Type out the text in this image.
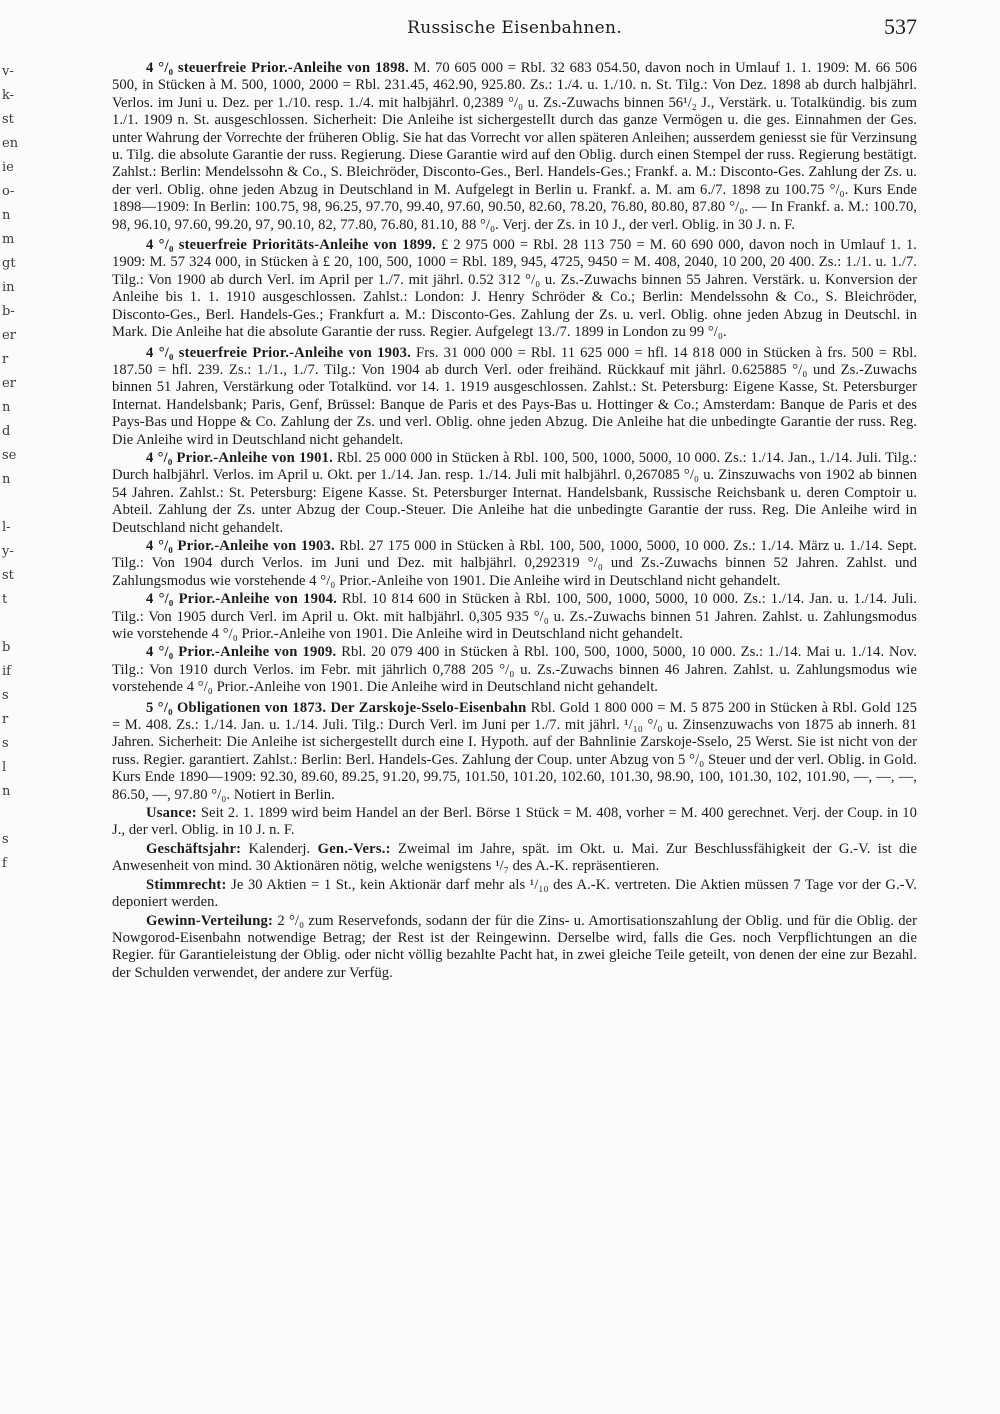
v-
k-
st
en
ie
o-
n
m
gt
in
b-
er
r
er
n
d
se
n
l-
y-
st
t
b
if
s
r
s
l
n
s
f
Russische Eisenbahnen.	537

4 °/₀ steuerfreie Prior.-Anleihe von 1898. M. 70 605 000 = Rbl. 32 683 054.50, davon noch in Umlauf 1. 1. 1909: M. 66 506 500, in Stücken à M. 500, 1000, 2000 = Rbl. 231.45, 462.90, 925.80. Zs.: 1./4. u. 1./10. n. St. Tilg.: Von Dez. 1898 ab durch halbjährl. Verlos. im Juni u. Dez. per 1./10. resp. 1./4. mit halbjährl. 0,2389 °/₀ u. Zs.-Zuwachs binnen 56¹/₂ J., Verstärk. u. Totalkündig. bis zum 1./1. 1909 n. St. ausgeschlossen. Sicherheit: Die Anleihe ist sichergestellt durch das ganze Vermögen u. die ges. Einnahmen der Ges. unter Wahrung der Vorrechte der früheren Oblig. Sie hat das Vorrecht vor allen späteren Anleihen; ausserdem geniesst sie für Verzinsung u. Tilg. die absolute Garantie der russ. Regierung. Diese Garantie wird auf den Oblig. durch einen Stempel der russ. Regierung bestätigt. Zahlst.: Berlin: Mendelssohn & Co., S. Bleichröder, Disconto-Ges., Berl. Handels-Ges.; Frankf. a. M.: Disconto-Ges. Zahlung der Zs. u. der verl. Oblig. ohne jeden Abzug in Deutschland in M. Aufgelegt in Berlin u. Frankf. a. M. am 6./7. 1898 zu 100.75 °/₀. Kurs Ende 1898—1909: In Berlin: 100.75, 98, 96.25, 97.70, 99.40, 97.60, 90.50, 82.60, 78.20, 76.80, 80.80, 87.80 °/₀. — In Frankf. a. M.: 100.70, 98, 96.10, 97.60, 99.20, 97, 90.10, 82, 77.80, 76.80, 81.10, 88 °/₀. Verj. der Zs. in 10 J., der verl. Oblig. in 30 J. n. F.

4 °/₀ steuerfreie Prioritäts-Anleihe von 1899. £ 2 975 000 = Rbl. 28 113 750 = M. 60 690 000, davon noch in Umlauf 1. 1. 1909: M. 57 324 000, in Stücken à £ 20, 100, 500, 1000 = Rbl. 189, 945, 4725, 9450 = M. 408, 2040, 10 200, 20 400. Zs.: 1./1. u. 1./7. Tilg.: Von 1900 ab durch Verl. im April per 1./7. mit jährl. 0.52 312 °/₀ u. Zs.-Zuwachs binnen 55 Jahren. Verstärk. u. Konversion der Anleihe bis 1. 1. 1910 ausgeschlossen. Zahlst.: London: J. Henry Schröder & Co.; Berlin: Mendelssohn & Co., S. Bleichröder, Disconto-Ges., Berl. Handels-Ges.; Frankfurt a. M.: Disconto-Ges. Zahlung der Zs. u. verl. Oblig. ohne jeden Abzug in Deutschl. in Mark. Die Anleihe hat die absolute Garantie der russ. Regier. Aufgelegt 13./7. 1899 in London zu 99 °/₀.

4 °/₀ steuerfreie Prior.-Anleihe von 1903. Frs. 31 000 000 = Rbl. 11 625 000 = hfl. 14 818 000 in Stücken à frs. 500 = Rbl. 187.50 = hfl. 239. Zs.: 1./1., 1./7. Tilg.: Von 1904 ab durch Verl. oder freihänd. Rückkauf mit jährl. 0.625885 °/₀ und Zs.-Zuwachs binnen 51 Jahren, Verstärkung oder Totalkünd. vor 14. 1. 1919 ausgeschlossen. Zahlst.: St. Petersburg: Eigene Kasse, St. Petersburger Internat. Handelsbank; Paris, Genf, Brüssel: Banque de Paris et des Pays-Bas u. Hottinger & Co.; Amsterdam: Banque de Paris et des Pays-Bas und Hoppe & Co. Zahlung der Zs. und verl. Oblig. ohne jeden Abzug. Die Anleihe hat die unbedingte Garantie der russ. Reg. Die Anleihe wird in Deutschland nicht gehandelt.

4 °/₀ Prior.-Anleihe von 1901. Rbl. 25 000 000 in Stücken à Rbl. 100, 500, 1000, 5000, 10 000. Zs.: 1./14. Jan., 1./14. Juli. Tilg.: Durch halbjährl. Verlos. im April u. Okt. per 1./14. Jan. resp. 1./14. Juli mit halbjährl. 0,267085 °/₀ u. Zinszuwachs von 1902 ab binnen 54 Jahren. Zahlst.: St. Petersburg: Eigene Kasse. St. Petersburger Internat. Handelsbank, Russische Reichsbank u. deren Comptoir u. Abteil. Zahlung der Zs. unter Abzug der Coup.-Steuer. Die Anleihe hat die unbedingte Garantie der russ. Reg. Die Anleihe wird in Deutschland nicht gehandelt.

4 °/₀ Prior.-Anleihe von 1903. Rbl. 27 175 000 in Stücken à Rbl. 100, 500, 1000, 5000, 10 000. Zs.: 1./14. März u. 1./14. Sept. Tilg.: Von 1904 durch Verlos. im Juni und Dez. mit halbjährl. 0,292319 °/₀ und Zs.-Zuwachs binnen 52 Jahren. Zahlst. und Zahlungsmodus wie vorstehende 4 °/₀ Prior.-Anleihe von 1901. Die Anleihe wird in Deutschland nicht gehandelt.

4 °/₀ Prior.-Anleihe von 1904. Rbl. 10 814 600 in Stücken à Rbl. 100, 500, 1000, 5000, 10 000. Zs.: 1./14. Jan. u. 1./14. Juli. Tilg.: Von 1905 durch Verl. im April u. Okt. mit halbjährl. 0,305 935 °/₀ u. Zs.-Zuwachs binnen 51 Jahren. Zahlst. u. Zahlungsmodus wie vorstehende 4 °/₀ Prior.-Anleihe von 1901. Die Anleihe wird in Deutschland nicht gehandelt.

4 °/₀ Prior.-Anleihe von 1909. Rbl. 20 079 400 in Stücken à Rbl. 100, 500, 1000, 5000, 10 000. Zs.: 1./14. Mai u. 1./14. Nov. Tilg.: Von 1910 durch Verlos. im Febr. mit jährlich 0,788 205 °/₀ u. Zs.-Zuwachs binnen 46 Jahren. Zahlst. u. Zahlungsmodus wie vorstehende 4 °/₀ Prior.-Anleihe von 1901. Die Anleihe wird in Deutschland nicht gehandelt.

5 °/₀ Obligationen von 1873. Der Zarskoje-Sselo-Eisenbahn Rbl. Gold 1 800 000 = M. 5 875 200 in Stücken à Rbl. Gold 125 = M. 408. Zs.: 1./14. Jan. u. 1./14. Juli. Tilg.: Durch Verl. im Juni per 1./7. mit jährl. ¹/₁₀ °/₀ u. Zinsenzuwachs von 1875 ab innerh. 81 Jahren. Sicherheit: Die Anleihe ist sichergestellt durch eine I. Hypoth. auf der Bahnlinie Zarskoje-Sselo, 25 Werst. Sie ist nicht von der russ. Regier. garantiert. Zahlst.: Berlin: Berl. Handels-Ges. Zahlung der Coup. unter Abzug von 5 °/₀ Steuer und der verl. Oblig. in Gold. Kurs Ende 1890—1909: 92.30, 89.60, 89.25, 91.20, 99.75, 101.50, 101.20, 102.60, 101.30, 98.90, 100, 101.30, 102, 101.90, —, —, —, 86.50, —, 97.80 °/₀. Notiert in Berlin.

Usance: Seit 2. 1. 1899 wird beim Handel an der Berl. Börse 1 Stück = M. 408, vorher = M. 400 gerechnet. Verj. der Coup. in 10 J., der verl. Oblig. in 10 J. n. F.

Geschäftsjahr: Kalenderj. Gen.-Vers.: Zweimal im Jahre, spät. im Okt. u. Mai. Zur Beschlussfähigkeit der G.-V. ist die Anwesenheit von mind. 30 Aktionären nötig, welche wenigstens ¹/₇ des A.-K. repräsentieren.

Stimmrecht: Je 30 Aktien = 1 St., kein Aktionär darf mehr als ¹/₁₀ des A.-K. vertreten. Die Aktien müssen 7 Tage vor der G.-V. deponiert werden.

Gewinn-Verteilung: 2 °/₀ zum Reservefonds, sodann der für die Zins- u. Amortisationszahlung der Oblig. und für die Oblig. der Nowgorod-Eisenbahn notwendige Betrag; der Rest ist der Reingewinn. Derselbe wird, falls die Ges. noch Verpflichtungen an die Regier. für Garantieleistung der Oblig. oder nicht völlig bezahlte Pacht hat, in zwei gleiche Teile geteilt, von denen der eine zur Bezahl. der Schulden verwendet, der andere zur Verfüg.
